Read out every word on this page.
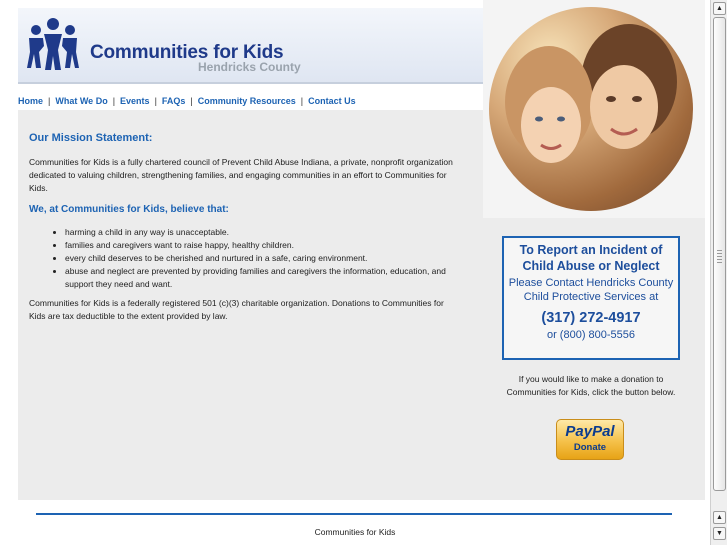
Communities for Kids
Hendricks County
Home | What We Do | Events | FAQs | Community Resources | Contact Us
Our Mission Statement:
Communities for Kids is a fully chartered council of Prevent Child Abuse Indiana, a private, nonprofit organization dedicated to valuing children, strengthening families, and engaging communities in an effort to Communities for Kids.
We, at Communities for Kids, believe that:
• harming a child in any way is unacceptable.
• families and caregivers want to raise happy, healthy children.
• every child deserves to be cherished and nurtured in a safe, caring environment.
• abuse and neglect are prevented by providing families and caregivers the information, education, and support they need and want.
Communities for Kids is a federally registered 501 (c)(3) charitable organization. Donations to Communities for Kids are tax deductible to the extent provided by law.
To Report an Incident of Child Abuse or Neglect
Please Contact Hendricks County Child Protective Services at
(317) 272-4917
or (800) 800-5556
If you would like to make a donation to Communities for Kids, click the button below.
PayPal
Donate
Communities for Kids
▲
▲
▼
